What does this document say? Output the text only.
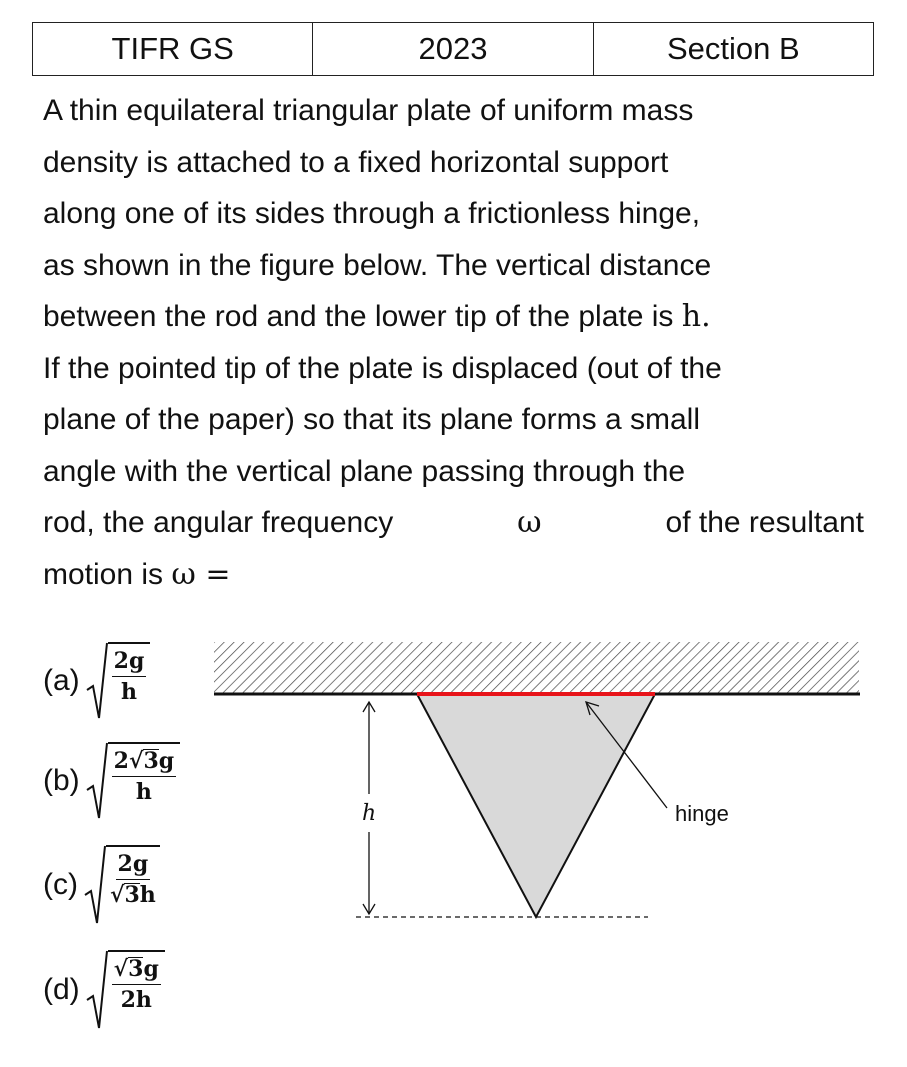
TIFR GS	2023	Section B
A thin equilateral triangular plate of uniform mass
density is attached to a fixed horizontal support
along one of its sides through a frictionless hinge,
as shown in the figure below. The vertical distance
between the rod and the lower tip of the plate is h.
If the pointed tip of the plate is displaced (out of the
plane of the paper) so that its plane forms a small
angle with the vertical plane passing through the
rod, the angular frequency	ω	of the resultant
motion is ω =
$(a) \frac{2g}{h}$
$(b) \frac{2√3g}{h}$
$(c) \frac{2g}{√3h}$
$(d) \frac{√3g}{2h}$
h	hinge
